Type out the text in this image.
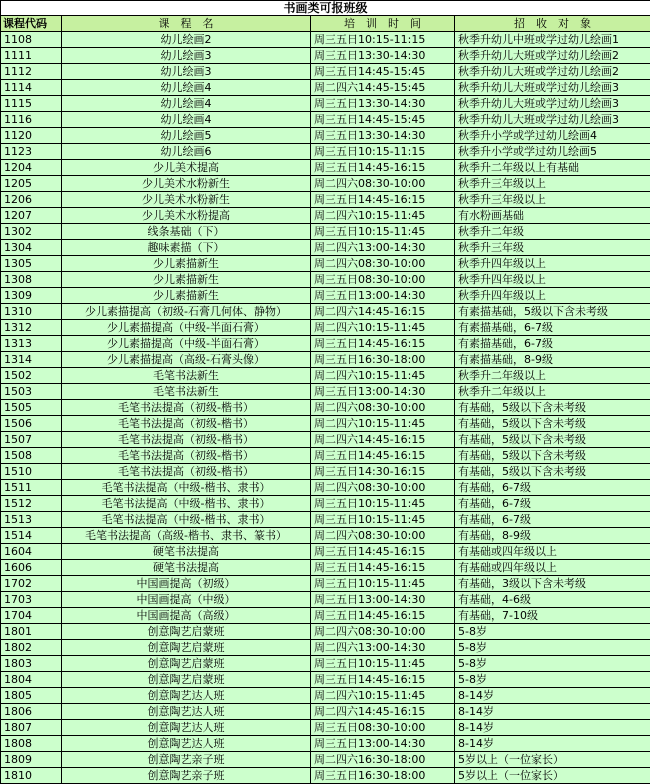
书画类可报班级			
课程代码	课　程　名	培　训　时　间	招　收　对　象
1108	幼儿绘画2	周三五日10:15-11:15	秋季升幼儿中班或学过幼儿绘画1
1111	幼儿绘画3	周三五日13:30-14:30	秋季升幼儿大班或学过幼儿绘画2
1112	幼儿绘画3	周三五日14:45-15:45	秋季升幼儿大班或学过幼儿绘画2
1114	幼儿绘画4	周二四六14:45-15:45	秋季升幼儿大班或学过幼儿绘画3
1115	幼儿绘画4	周三五日13:30-14:30	秋季升幼儿大班或学过幼儿绘画3
1116	幼儿绘画4	周三五日14:45-15:45	秋季升幼儿大班或学过幼儿绘画3
1120	幼儿绘画5	周三五日13:30-14:30	秋季升小学或学过幼儿绘画4
1123	幼儿绘画6	周三五日10:15-11:15	秋季升小学或学过幼儿绘画5
1204	少儿美术提高	周三五日14:45-16:15	秋季升二年级以上有基础
1205	少儿美术水粉新生	周二四六08:30-10:00	秋季升三年级以上
1206	少儿美术水粉新生	周三五日14:45-16:15	秋季升三年级以上
1207	少儿美术水粉提高	周二四六10:15-11:45	有水粉画基础
1302	线条基础（下）	周三五日10:15-11:45	秋季升二年级
1304	趣味素描（下）	周二四六13:00-14:30	秋季升三年级
1305	少儿素描新生	周二四六08:30-10:00	秋季升四年级以上
1308	少儿素描新生	周三五日08:30-10:00	秋季升四年级以上
1309	少儿素描新生	周三五日13:00-14:30	秋季升四年级以上
1310	少儿素描提高（初级-石膏几何体、静物）	周二四六14:45-16:15	有素描基础，5级以下含未考级
1312	少儿素描提高（中级-半面石膏）	周二四六10:15-11:45	有素描基础，6-7级
1313	少儿素描提高（中级-半面石膏）	周三五日14:45-16:15	有素描基础，6-7级
1314	少儿素描提高（高级-石膏头像）	周三五日16:30-18:00	有素描基础，8-9级
1502	毛笔书法新生	周二四六10:15-11:45	秋季升二年级以上
1503	毛笔书法新生	周三五日13:00-14:30	秋季升二年级以上
1505	毛笔书法提高（初级-楷书）	周二四六08:30-10:00	有基础，5级以下含未考级
1506	毛笔书法提高（初级-楷书）	周二四六10:15-11:45	有基础，5级以下含未考级
1507	毛笔书法提高（初级-楷书）	周二四六14:45-16:15	有基础，5级以下含未考级
1508	毛笔书法提高（初级-楷书）	周三五日14:45-16:15	有基础，5级以下含未考级
1510	毛笔书法提高（初级-楷书）	周三五日14:30-16:15	有基础，5级以下含未考级
1511	毛笔书法提高（中级-楷书、隶书）	周二四六08:30-10:00	有基础，6-7级
1512	毛笔书法提高（中级-楷书、隶书）	周三五日10:15-11:45	有基础，6-7级
1513	毛笔书法提高（中级-楷书、隶书）	周三五日10:15-11:45	有基础，6-7级
1514	毛笔书法提高（高级-楷书、隶书、篆书）	周二四六08:30-10:00	有基础，8-9级
1604	硬笔书法提高	周三五日14:45-16:15	有基础或四年级以上
1606	硬笔书法提高	周三五日14:45-16:15	有基础或四年级以上
1702	中国画提高（初级）	周三五日10:15-11:45	有基础，3级以下含未考级
1703	中国画提高（中级）	周三五日13:00-14:30	有基础，4-6级
1704	中国画提高（高级）	周三五日14:45-16:15	有基础，7-10级
1801	创意陶艺启蒙班	周二四六08:30-10:00	5-8岁
1802	创意陶艺启蒙班	周二四六13:00-14:30	5-8岁
1803	创意陶艺启蒙班	周三五日10:15-11:45	5-8岁
1804	创意陶艺启蒙班	周三五日14:45-16:15	5-8岁
1805	创意陶艺达人班	周二四六10:15-11:45	8-14岁
1806	创意陶艺达人班	周二四六14:45-16:15	8-14岁
1807	创意陶艺达人班	周三五日08:30-10:00	8-14岁
1808	创意陶艺达人班	周三五日13:00-14:30	8-14岁
1809	创意陶艺亲子班	周二四六16:30-18:00	5岁以上（一位家长）
1810	创意陶艺亲子班	周三五日16:30-18:00	5岁以上（一位家长）
